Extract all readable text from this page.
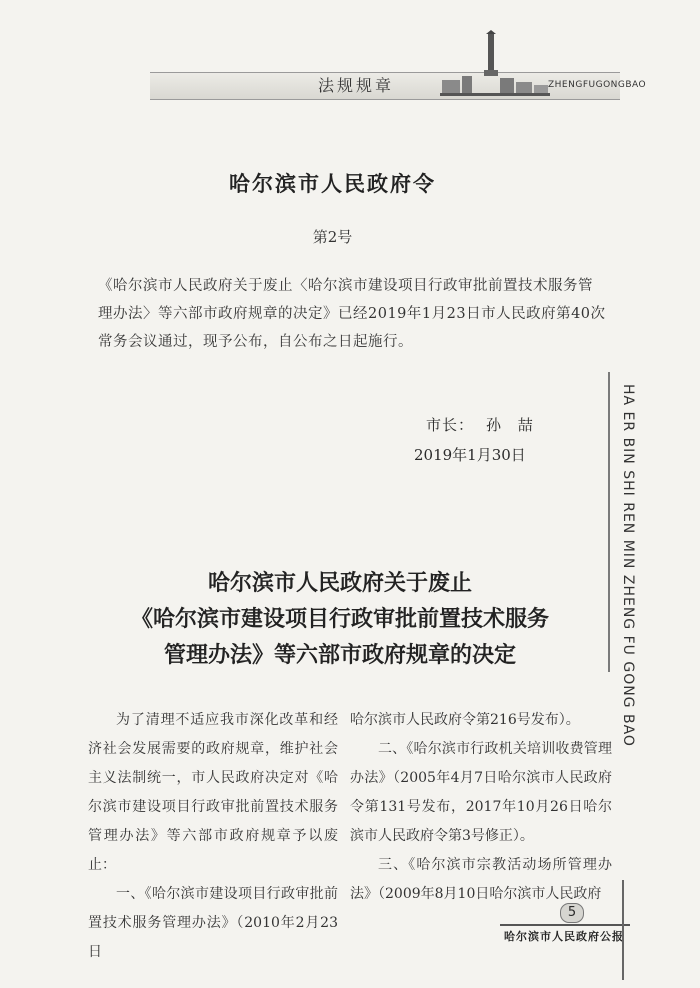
法规规章	ZHENGFUGONGBAO
HA ER BIN SHI REN MIN ZHENG FU GONG BAO
哈尔滨市人民政府令
第2号
《哈尔滨市人民政府关于废止〈哈尔滨市建设项目行政审批前置技术服务管理办法〉等六部市政府规章的决定》已经2019年1月23日市人民政府第40次常务会议通过，现予公布，自公布之日起施行。
市长： 孙 喆
2019年1月30日
哈尔滨市人民政府关于废止
《哈尔滨市建设项目行政审批前置技术服务
管理办法》等六部市政府规章的决定

为了清理不适应我市深化改革和经济社会发展需要的政府规章，维护社会主义法制统一，市人民政府决定对《哈尔滨市建设项目行政审批前置技术服务管理办法》等六部市政府规章予以废止：

一、《哈尔滨市建设项目行政审批前置技术服务管理办法》（2010年2月23日

哈尔滨市人民政府令第216号发布）。

二、《哈尔滨市行政机关培训收费管理办法》（2005年4月7日哈尔滨市人民政府令第131号发布，2017年10月26日哈尔滨市人民政府令第3号修正）。

三、《哈尔滨市宗教活动场所管理办法》（2009年8月10日哈尔滨市人民政府

5
哈尔滨市人民政府公报
